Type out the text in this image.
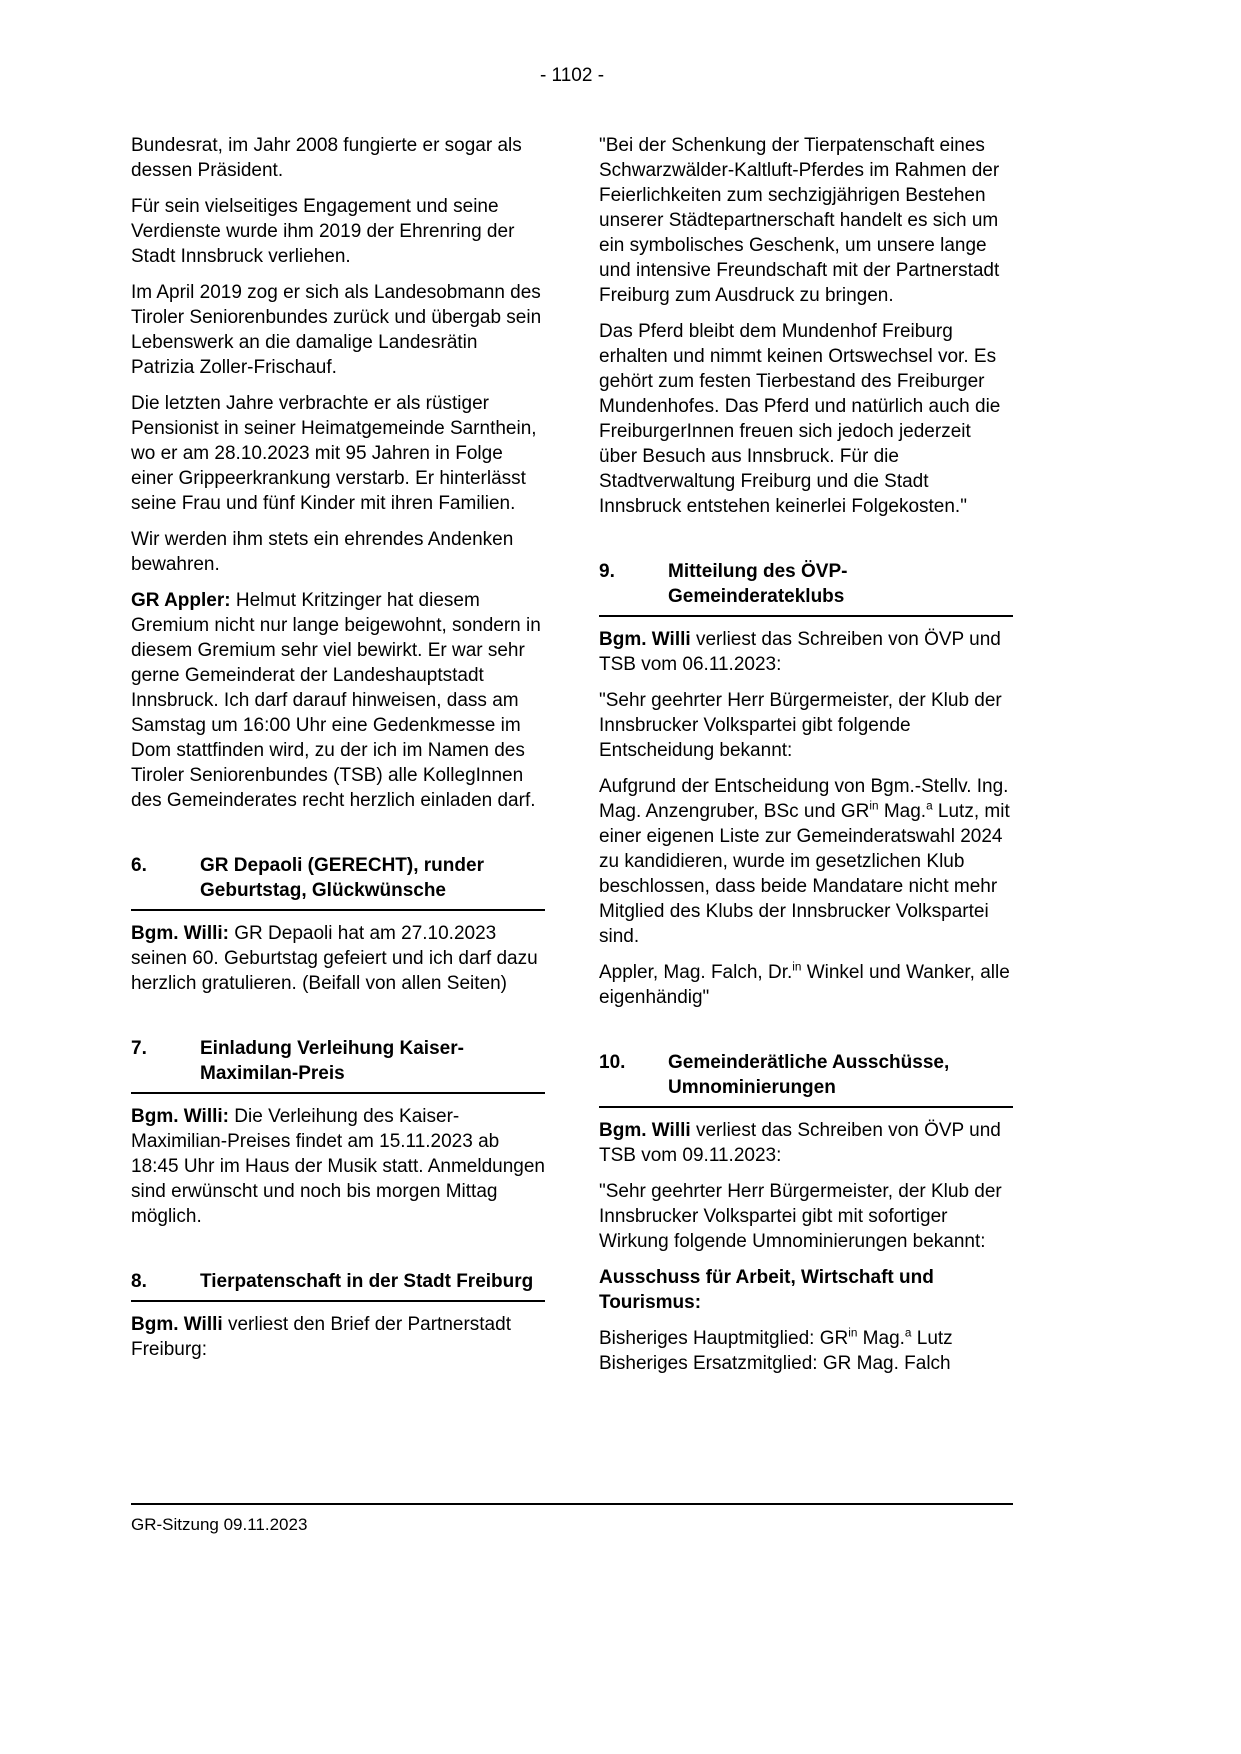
- 1102 -

Bundesrat, im Jahr 2008 fungierte er sogar als dessen Präsident.

Für sein vielseitiges Engagement und seine Verdienste wurde ihm 2019 der Ehrenring der Stadt Innsbruck verliehen.

Im April 2019 zog er sich als Landesobmann des Tiroler Seniorenbundes zurück und übergab sein Lebenswerk an die damalige Landesrätin Patrizia Zoller-Frischauf.

Die letzten Jahre verbrachte er als rüstiger Pensionist in seiner Heimatgemeinde Sarnthein, wo er am 28.10.2023 mit 95 Jahren in Folge einer Grippeerkrankung verstarb. Er hinterlässt seine Frau und fünf Kinder mit ihren Familien.

Wir werden ihm stets ein ehrendes Andenken bewahren.

GR Appler: Helmut Kritzinger hat diesem Gremium nicht nur lange beigewohnt, sondern in diesem Gremium sehr viel bewirkt. Er war sehr gerne Gemeinderat der Landeshauptstadt Innsbruck. Ich darf darauf hinweisen, dass am Samstag um 16:00 Uhr eine Gedenkmesse im Dom stattfinden wird, zu der ich im Namen des Tiroler Seniorenbundes (TSB) alle KollegInnen des Gemeinderates recht herzlich einladen darf.

6.	GR Depaoli (GERECHT), runder Geburtstag, Glückwünsche

Bgm. Willi: GR Depaoli hat am 27.10.2023 seinen 60. Geburtstag gefeiert und ich darf dazu herzlich gratulieren. (Beifall von allen Seiten)

7.	Einladung Verleihung Kaiser-Maximilan-Preis

Bgm. Willi: Die Verleihung des Kaiser-Maximilian-Preises findet am 15.11.2023 ab 18:45 Uhr im Haus der Musik statt. Anmeldungen sind erwünscht und noch bis morgen Mittag möglich.

8.	Tierpatenschaft in der Stadt Freiburg

Bgm. Willi verliest den Brief der Partnerstadt Freiburg:

"Bei der Schenkung der Tierpatenschaft eines Schwarzwälder-Kaltluft-Pferdes im Rahmen der Feierlichkeiten zum sechzigjährigen Bestehen unserer Städtepartnerschaft handelt es sich um ein symbolisches Geschenk, um unsere lange und intensive Freundschaft mit der Partnerstadt Freiburg zum Ausdruck zu bringen.

Das Pferd bleibt dem Mundenhof Freiburg erhalten und nimmt keinen Ortswechsel vor. Es gehört zum festen Tierbestand des Freiburger Mundenhofes. Das Pferd und natürlich auch die FreiburgerInnen freuen sich jedoch jederzeit über Besuch aus Innsbruck. Für die Stadtverwaltung Freiburg und die Stadt Innsbruck entstehen keinerlei Folgekosten."

9.	Mitteilung des ÖVP-Gemeinderateklubs

Bgm. Willi verliest das Schreiben von ÖVP und TSB vom 06.11.2023:

"Sehr geehrter Herr Bürgermeister, der Klub der Innsbrucker Volkspartei gibt folgende Entscheidung bekannt:

Aufgrund der Entscheidung von Bgm.-Stellv. Ing. Mag. Anzengruber, BSc und $GR^{in}$ Mag.$^a$ Lutz, mit einer eigenen Liste zur Gemeinderatswahl 2024 zu kandidieren, wurde im gesetzlichen Klub beschlossen, dass beide Mandatare nicht mehr Mitglied des Klubs der Innsbrucker Volkspartei sind.

Appler, Mag. Falch, Dr.$^{in}$ Winkel und Wanker, alle eigenhändig"

10.	Gemeinderätliche Ausschüsse, Umnominierungen

Bgm. Willi verliest das Schreiben von ÖVP und TSB vom 09.11.2023:

"Sehr geehrter Herr Bürgermeister, der Klub der Innsbrucker Volkspartei gibt mit sofortiger Wirkung folgende Umnominierungen bekannt:

Ausschuss für Arbeit, Wirtschaft und Tourismus:

Bisheriges Hauptmitglied: $GR^{in}$ Mag.$^a$ Lutz
Bisheriges Ersatzmitglied: GR Mag. Falch

GR-Sitzung 09.11.2023
